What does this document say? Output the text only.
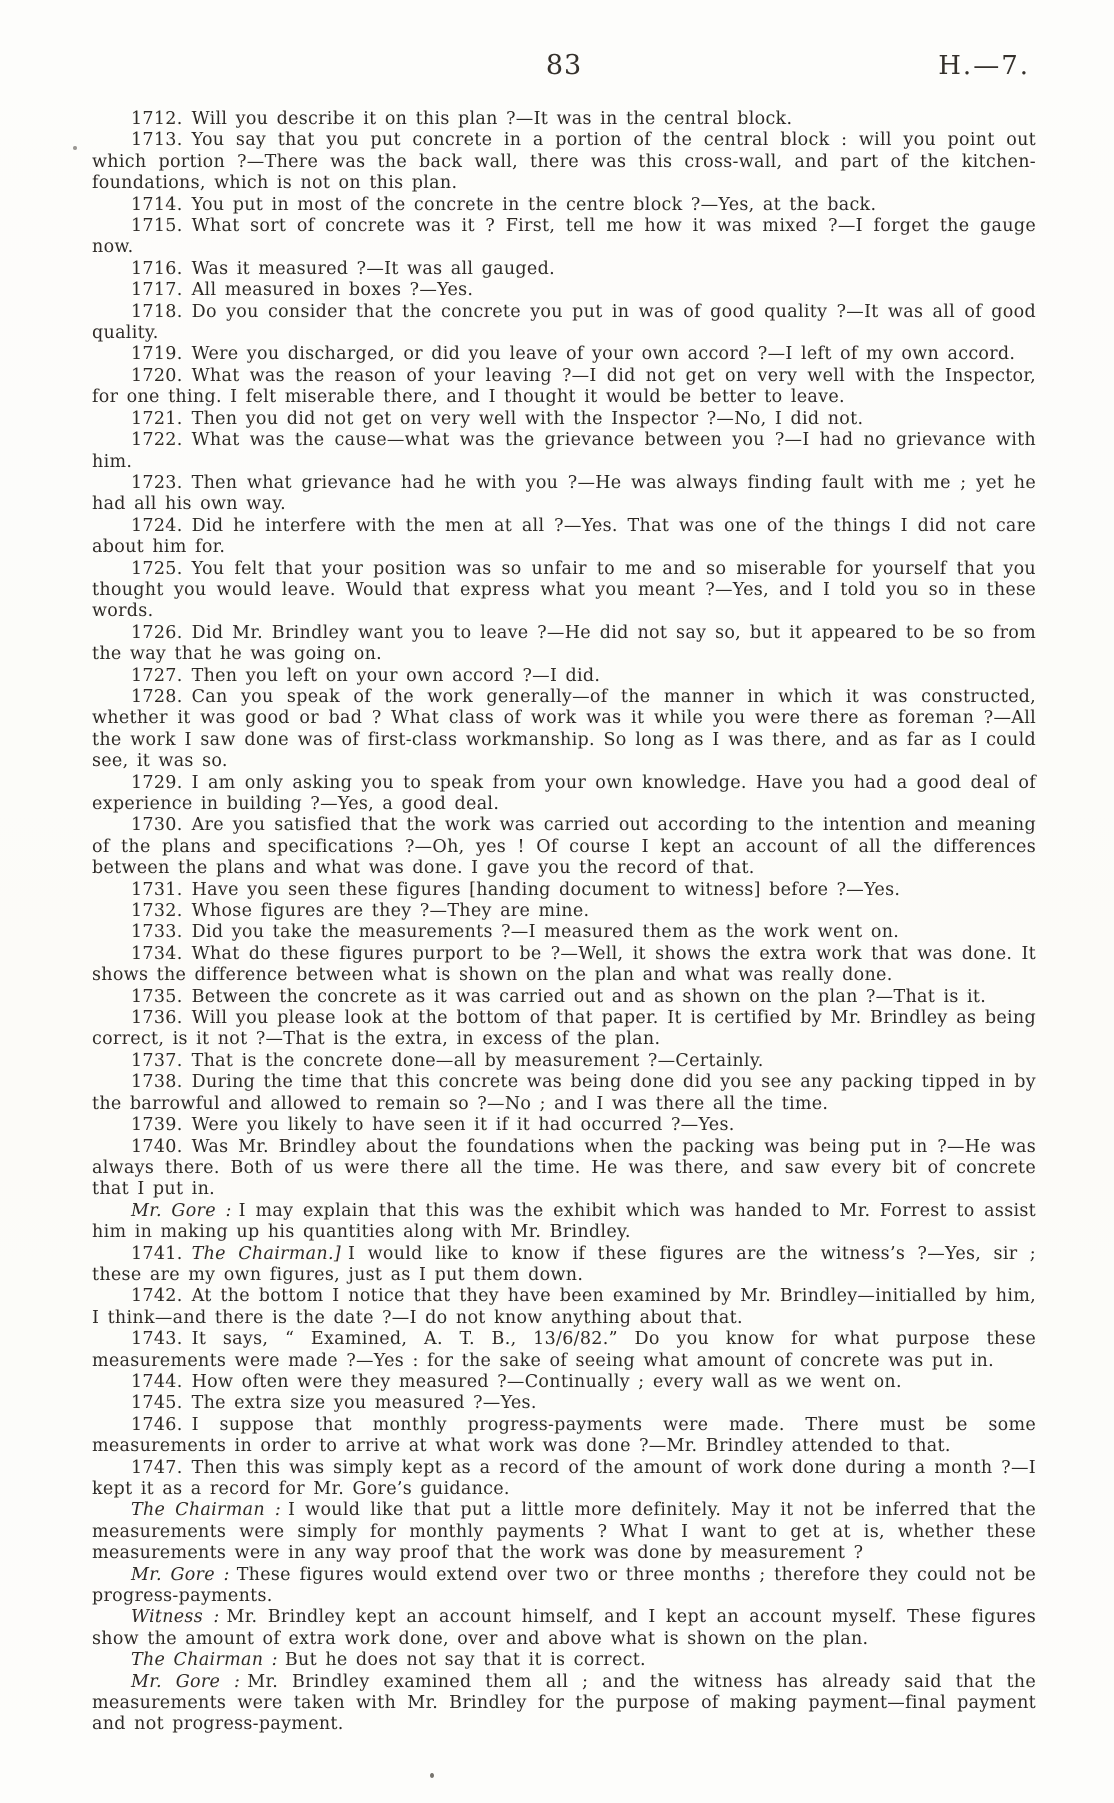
83	H.—7.

1712. Will you describe it on this plan ?—It was in the central block.

1713. You say that you put concrete in a portion of the central block : will you point out which portion ?—There was the back wall, there was this cross-wall, and part of the kitchen-foundations, which is not on this plan.

1714. You put in most of the concrete in the centre block ?—Yes, at the back.

1715. What sort of concrete was it ? First, tell me how it was mixed ?—I forget the gauge now.

1716. Was it measured ?—It was all gauged.

1717. All measured in boxes ?—Yes.

1718. Do you consider that the concrete you put in was of good quality ?—It was all of good quality.

1719. Were you discharged, or did you leave of your own accord ?—I left of my own accord.

1720. What was the reason of your leaving ?—I did not get on very well with the Inspector, for one thing. I felt miserable there, and I thought it would be better to leave.

1721. Then you did not get on very well with the Inspector ?—No, I did not.

1722. What was the cause—what was the grievance between you ?—I had no grievance with him.

1723. Then what grievance had he with you ?—He was always finding fault with me ; yet he had all his own way.

1724. Did he interfere with the men at all ?—Yes. That was one of the things I did not care about him for.

1725. You felt that your position was so unfair to me and so miserable for yourself that you thought you would leave. Would that express what you meant ?—Yes, and I told you so in these words.

1726. Did Mr. Brindley want you to leave ?—He did not say so, but it appeared to be so from the way that he was going on.

1727. Then you left on your own accord ?—I did.

1728. Can you speak of the work generally—of the manner in which it was constructed, whether it was good or bad ? What class of work was it while you were there as foreman ?—All the work I saw done was of first-class workmanship. So long as I was there, and as far as I could see, it was so.

1729. I am only asking you to speak from your own knowledge. Have you had a good deal of experience in building ?—Yes, a good deal.

1730. Are you satisfied that the work was carried out according to the intention and meaning of the plans and specifications ?—Oh, yes ! Of course I kept an account of all the differences between the plans and what was done. I gave you the record of that.

1731. Have you seen these figures [handing document to witness] before ?—Yes.

1732. Whose figures are they ?—They are mine.

1733. Did you take the measurements ?—I measured them as the work went on.

1734. What do these figures purport to be ?—Well, it shows the extra work that was done. It shows the difference between what is shown on the plan and what was really done.

1735. Between the concrete as it was carried out and as shown on the plan ?—That is it.

1736. Will you please look at the bottom of that paper. It is certified by Mr. Brindley as being correct, is it not ?—That is the extra, in excess of the plan.

1737. That is the concrete done—all by measurement ?—Certainly.

1738. During the time that this concrete was being done did you see any packing tipped in by the barrowful and allowed to remain so ?—No ; and I was there all the time.

1739. Were you likely to have seen it if it had occurred ?—Yes.

1740. Was Mr. Brindley about the foundations when the packing was being put in ?—He was always there. Both of us were there all the time. He was there, and saw every bit of concrete that I put in.

Mr. Gore : I may explain that this was the exhibit which was handed to Mr. Forrest to assist him in making up his quantities along with Mr. Brindley.

1741. The Chairman.] I would like to know if these figures are the witness’s ?—Yes, sir ; these are my own figures, just as I put them down.

1742. At the bottom I notice that they have been examined by Mr. Brindley—initialled by him, I think—and there is the date ?—I do not know anything about that.

1743. It says, “ Examined, A. T. B., 13/6/82.” Do you know for what purpose these measurements were made ?—Yes : for the sake of seeing what amount of concrete was put in.

1744. How often were they measured ?—Continually ; every wall as we went on.

1745. The extra size you measured ?—Yes.

1746. I suppose that monthly progress-payments were made. There must be some measurements in order to arrive at what work was done ?—Mr. Brindley attended to that.

1747. Then this was simply kept as a record of the amount of work done during a month ?—I kept it as a record for Mr. Gore’s guidance.

The Chairman : I would like that put a little more definitely. May it not be inferred that the measurements were simply for monthly payments ? What I want to get at is, whether these measurements were in any way proof that the work was done by measurement ?

Mr. Gore : These figures would extend over two or three months ; therefore they could not be progress-payments.

Witness : Mr. Brindley kept an account himself, and I kept an account myself. These figures show the amount of extra work done, over and above what is shown on the plan.

The Chairman : But he does not say that it is correct.

Mr. Gore : Mr. Brindley examined them all ; and the witness has already said that the measurements were taken with Mr. Brindley for the purpose of making payment—final payment and not progress-payment.
